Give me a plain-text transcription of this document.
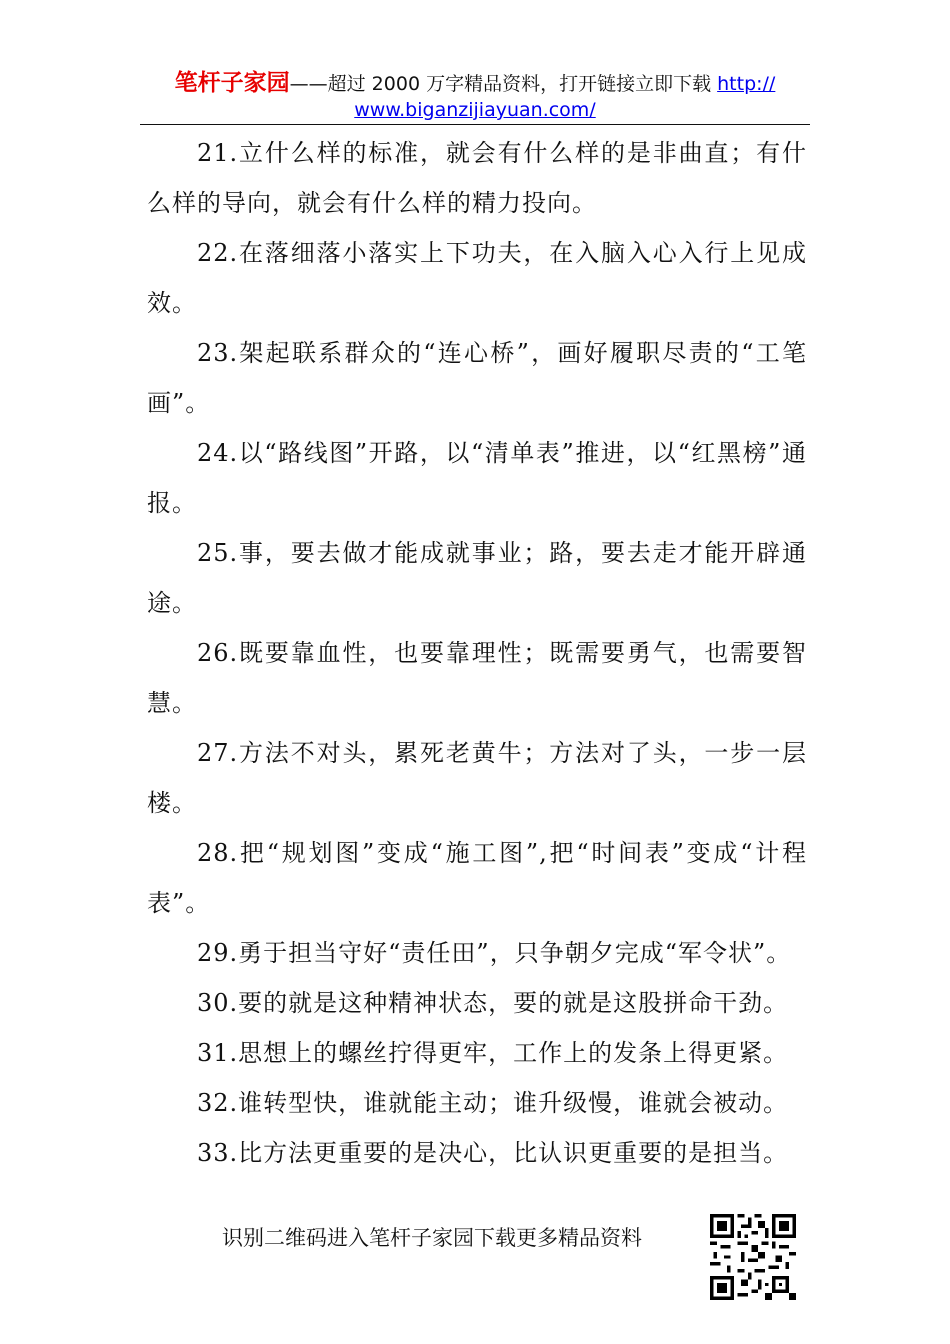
笔杆子家园——超过 2000 万字精品资料，打开链接立即下载 http://
www.biganzijiayuan.com/

21.立什么样的标准，就会有什么样的是非曲直；有什么样的导向，就会有什么样的精力投向。

22.在落细落小落实上下功夫，在入脑入心入行上见成效。

23.架起联系群众的“连心桥”，画好履职尽责的“工笔画”。

24.以“路线图”开路，以“清单表”推进，以“红黑榜”通报。

25.事，要去做才能成就事业；路，要去走才能开辟通途。

26.既要靠血性，也要靠理性；既需要勇气，也需要智慧。

27.方法不对头，累死老黄牛；方法对了头，一步一层楼。

28.把“规划图”变成“施工图”,把“时间表”变成“计程表”。

29.勇于担当守好“责任田”，只争朝夕完成“军令状”。

30.要的就是这种精神状态，要的就是这股拼命干劲。

31.思想上的螺丝拧得更牢，工作上的发条上得更紧。

32.谁转型快，谁就能主动；谁升级慢，谁就会被动。

33.比方法更重要的是决心，比认识更重要的是担当。

识别二维码进入笔杆子家园下载更多精品资料
